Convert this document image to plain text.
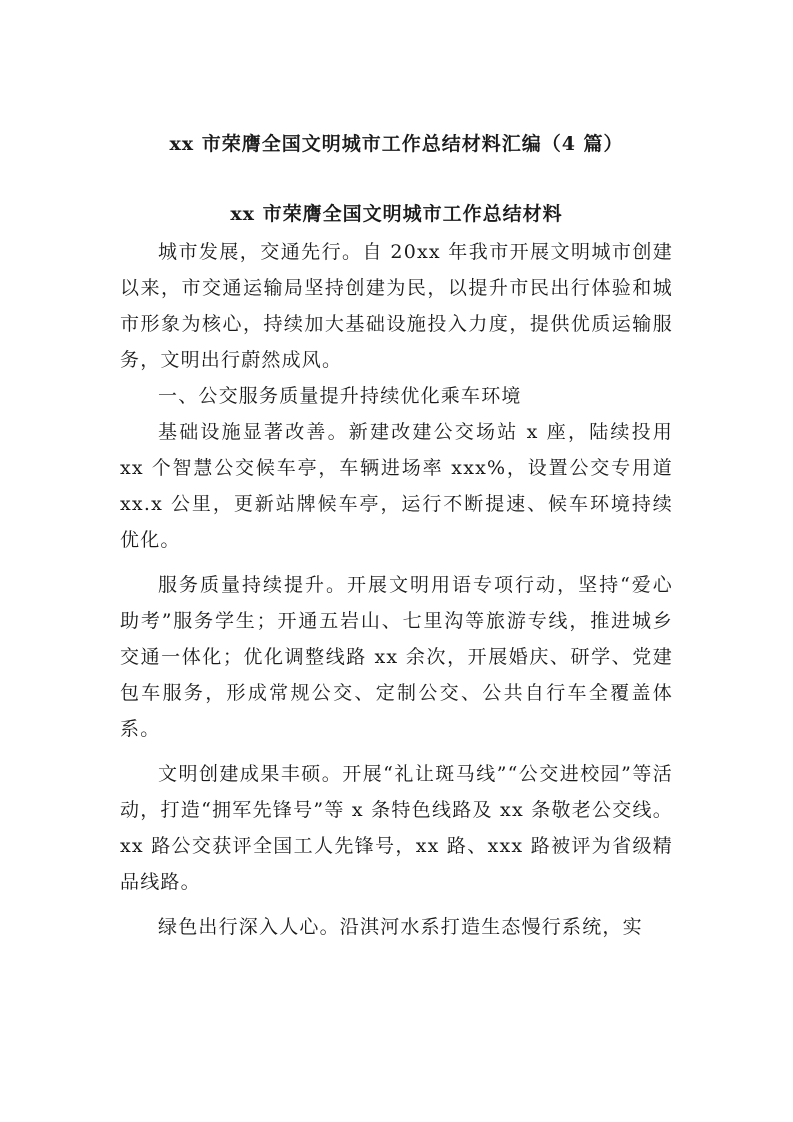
xx 市荣膺全国文明城市工作总结材料汇编（4 篇）
xx 市荣膺全国文明城市工作总结材料

城市发展，交通先行。自 20xx 年我市开展文明城市创建以来，市交通运输局坚持创建为民，以提升市民出行体验和城市形象为核心，持续加大基础设施投入力度，提供优质运输服务，文明出行蔚然成风。

一、公交服务质量提升持续优化乘车环境

基础设施显著改善。新建改建公交场站 x 座，陆续投用 xx 个智慧公交候车亭，车辆进场率 xxx%，设置公交专用道 xx.x 公里，更新站牌候车亭，运行不断提速、候车环境持续优化。

服务质量持续提升。开展文明用语专项行动，坚持“爱心助考”服务学生；开通五岩山、七里沟等旅游专线，推进城乡交通一体化；优化调整线路 xx 余次，开展婚庆、研学、党建包车服务，形成常规公交、定制公交、公共自行车全覆盖体系。

文明创建成果丰硕。开展“礼让斑马线”“公交进校园”等活动，打造“拥军先锋号”等 x 条特色线路及 xx 条敬老公交线。xx 路公交获评全国工人先锋号，xx 路、xxx 路被评为省级精品线路。

绿色出行深入人心。沿淇河水系打造生态慢行系统，实
